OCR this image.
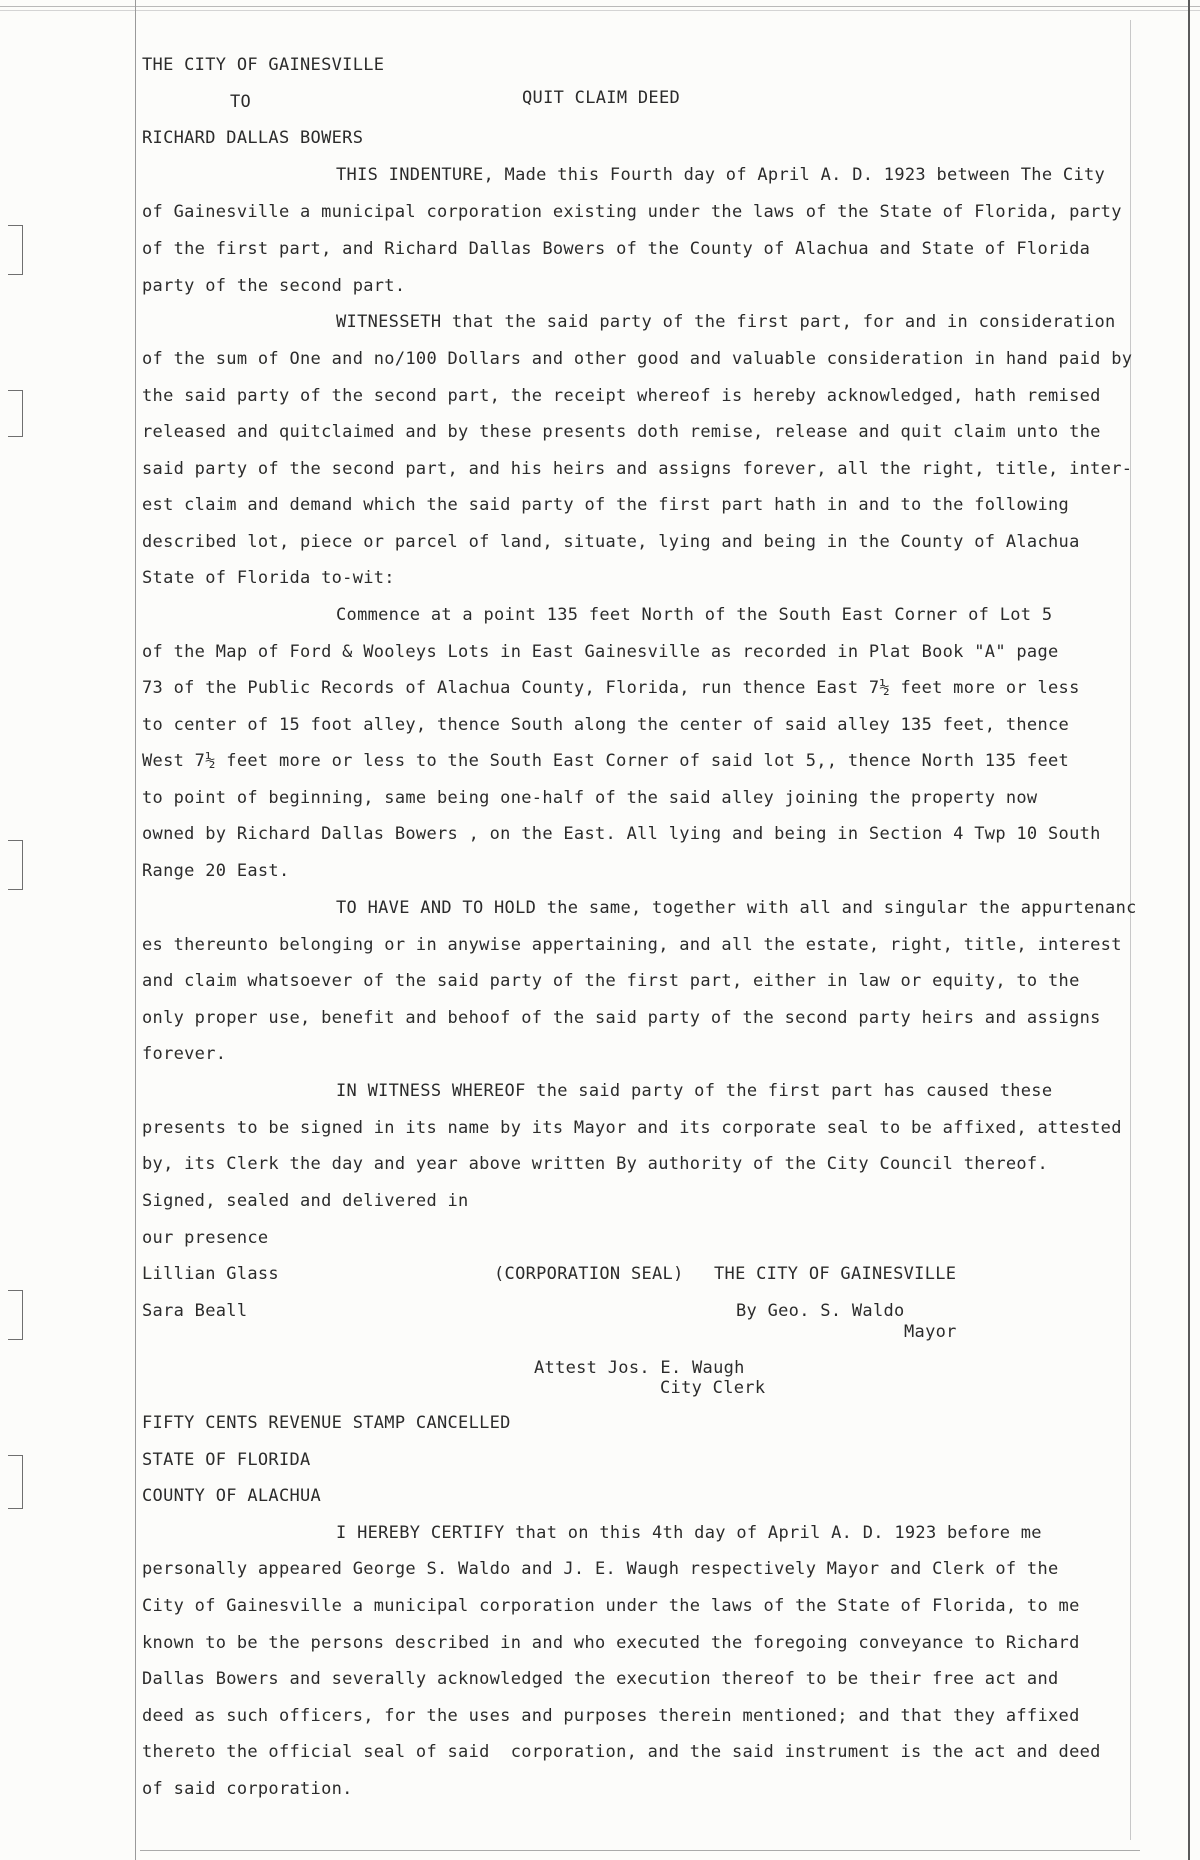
THE CITY OF GAINESVILLE
TO	QUIT CLAIM DEED
RICHARD DALLAS BOWERS
THIS INDENTURE, Made this Fourth day of April A. D. 1923 between The City
of Gainesville a municipal corporation existing under the laws of the State of Florida, party
of the first part, and Richard Dallas Bowers of the County of Alachua and State of Florida
party of the second part.
WITNESSETH that the said party of the first part, for and in consideration
of the sum of One and no/100 Dollars and other good and valuable consideration in hand paid by
the said party of the second part, the receipt whereof is hereby acknowledged, hath remised
released and quitclaimed and by these presents doth remise, release and quit claim unto the
said party of the second part, and his heirs and assigns forever, all the right, title, inter-
est claim and demand which the said party of the first part hath in and to the following
described lot, piece or parcel of land, situate, lying and being in the County of Alachua
State of Florida to-wit:
Commence at a point 135 feet North of the South East Corner of Lot 5
of the Map of Ford & Wooleys Lots in East Gainesville as recorded in Plat Book "A" page
73 of the Public Records of Alachua County, Florida, run thence East 7½ feet more or less
to center of 15 foot alley, thence South along the center of said alley 135 feet, thence
West 7½ feet more or less to the South East Corner of said lot 5,, thence North 135 feet
to point of beginning, same being one-half of the said alley joining the property now
owned by Richard Dallas Bowers , on the East. All lying and being in Section 4 Twp 10 South
Range 20 East.
TO HAVE AND TO HOLD the same, together with all and singular the appurtenanc
es thereunto belonging or in anywise appertaining, and all the estate, right, title, interest
and claim whatsoever of the said party of the first part, either in law or equity, to the
only proper use, benefit and behoof of the said party of the second party heirs and assigns
forever.
IN WITNESS WHEREOF the said party of the first part has caused these
presents to be signed in its name by its Mayor and its corporate seal to be affixed, attested
by, its Clerk the day and year above written By authority of the City Council thereof.
Signed, sealed and delivered in
our presence
Lillian Glass	(CORPORATION SEAL) THE CITY OF GAINESVILLE
Sara Beall	By Geo. S. Waldo
Mayor
Attest Jos. E. Waugh
City Clerk
FIFTY CENTS REVENUE STAMP CANCELLED
STATE OF FLORIDA
COUNTY OF ALACHUA
I HEREBY CERTIFY that on this 4th day of April A. D. 1923 before me
personally appeared George S. Waldo and J. E. Waugh respectively Mayor and Clerk of the
City of Gainesville a municipal corporation under the laws of the State of Florida, to me
known to be the persons described in and who executed the foregoing conveyance to Richard
Dallas Bowers and severally acknowledged the execution thereof to be their free act and
deed as such officers, for the uses and purposes therein mentioned; and that they affixed
thereto the official seal of said  corporation, and the said instrument is the act and deed
of said corporation.
